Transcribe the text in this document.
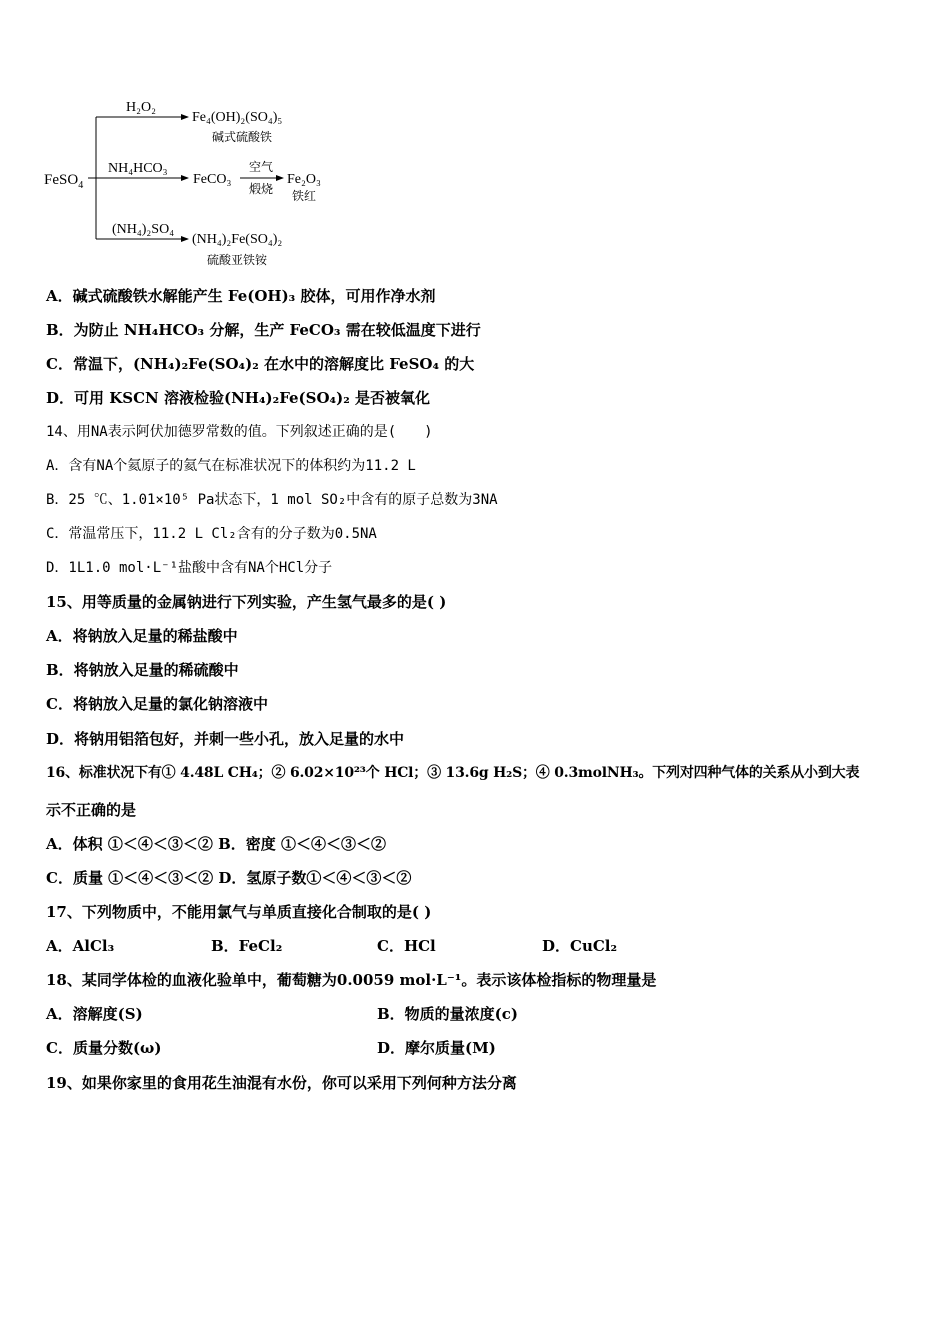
FeSO$_4$
H₂O₂
Fe₄(OH)₂(SO₄)₅
碱式硫酸铁
NH₄HCO₃
FeCO₃
空气
煅烧
Fe₂O₃
铁红
(NH₄)₂SO₄
(NH₄)₂Fe(SO₄)₂
硫酸亚铁铵
A．碱式硫酸铁水解能产生 Fe(OH)₃ 胶体，可用作净水剂
B．为防止 NH₄HCO₃ 分解，生产 FeCO₃ 需在较低温度下进行
C．常温下，(NH₄)₂Fe(SO₄)₂ 在水中的溶解度比 FeSO₄ 的大
D．可用 KSCN 溶液检验(NH₄)₂Fe(SO₄)₂ 是否被氧化
14、用NA表示阿伏加德罗常数的值。下列叙述正确的是(　　)
A．含有NA个氦原子的氦气在标准状况下的体积约为11.2 L
B．25 ℃、1.01×10⁵ Pa状态下，1 mol SO₂中含有的原子总数为3NA
C．常温常压下，11.2 L Cl₂含有的分子数为0.5NA
D．1L1.0 mol·L⁻¹盐酸中含有NA个HCl分子
15、用等质量的金属钠进行下列实验，产生氢气最多的是( )
A．将钠放入足量的稀盐酸中
B．将钠放入足量的稀硫酸中
C．将钠放入足量的氯化钠溶液中
D．将钠用铝箔包好，并刺一些小孔，放入足量的水中
16、标准状况下有① 4.48L CH₄；② 6.02×10²³个 HCl；③ 13.6g H₂S；④ 0.3molNH₃。下列对四种气体的关系从小到大表
示不正确的是
A．体积 ①＜④＜③＜② B．密度 ①＜④＜③＜②
C．质量 ①＜④＜③＜② D．氢原子数①＜④＜③＜②
17、下列物质中，不能用氯气与单质直接化合制取的是( )
A．AlCl₃	B．FeCl₂	C．HCl	D．CuCl₂
18、某同学体检的血液化验单中，葡萄糖为0.0059 mol·L⁻¹。表示该体检指标的物理量是
A．溶解度(S)	B．物质的量浓度(c)
C．质量分数(ω)	D．摩尔质量(M)
19、如果你家里的食用花生油混有水份，你可以采用下列何种方法分离
